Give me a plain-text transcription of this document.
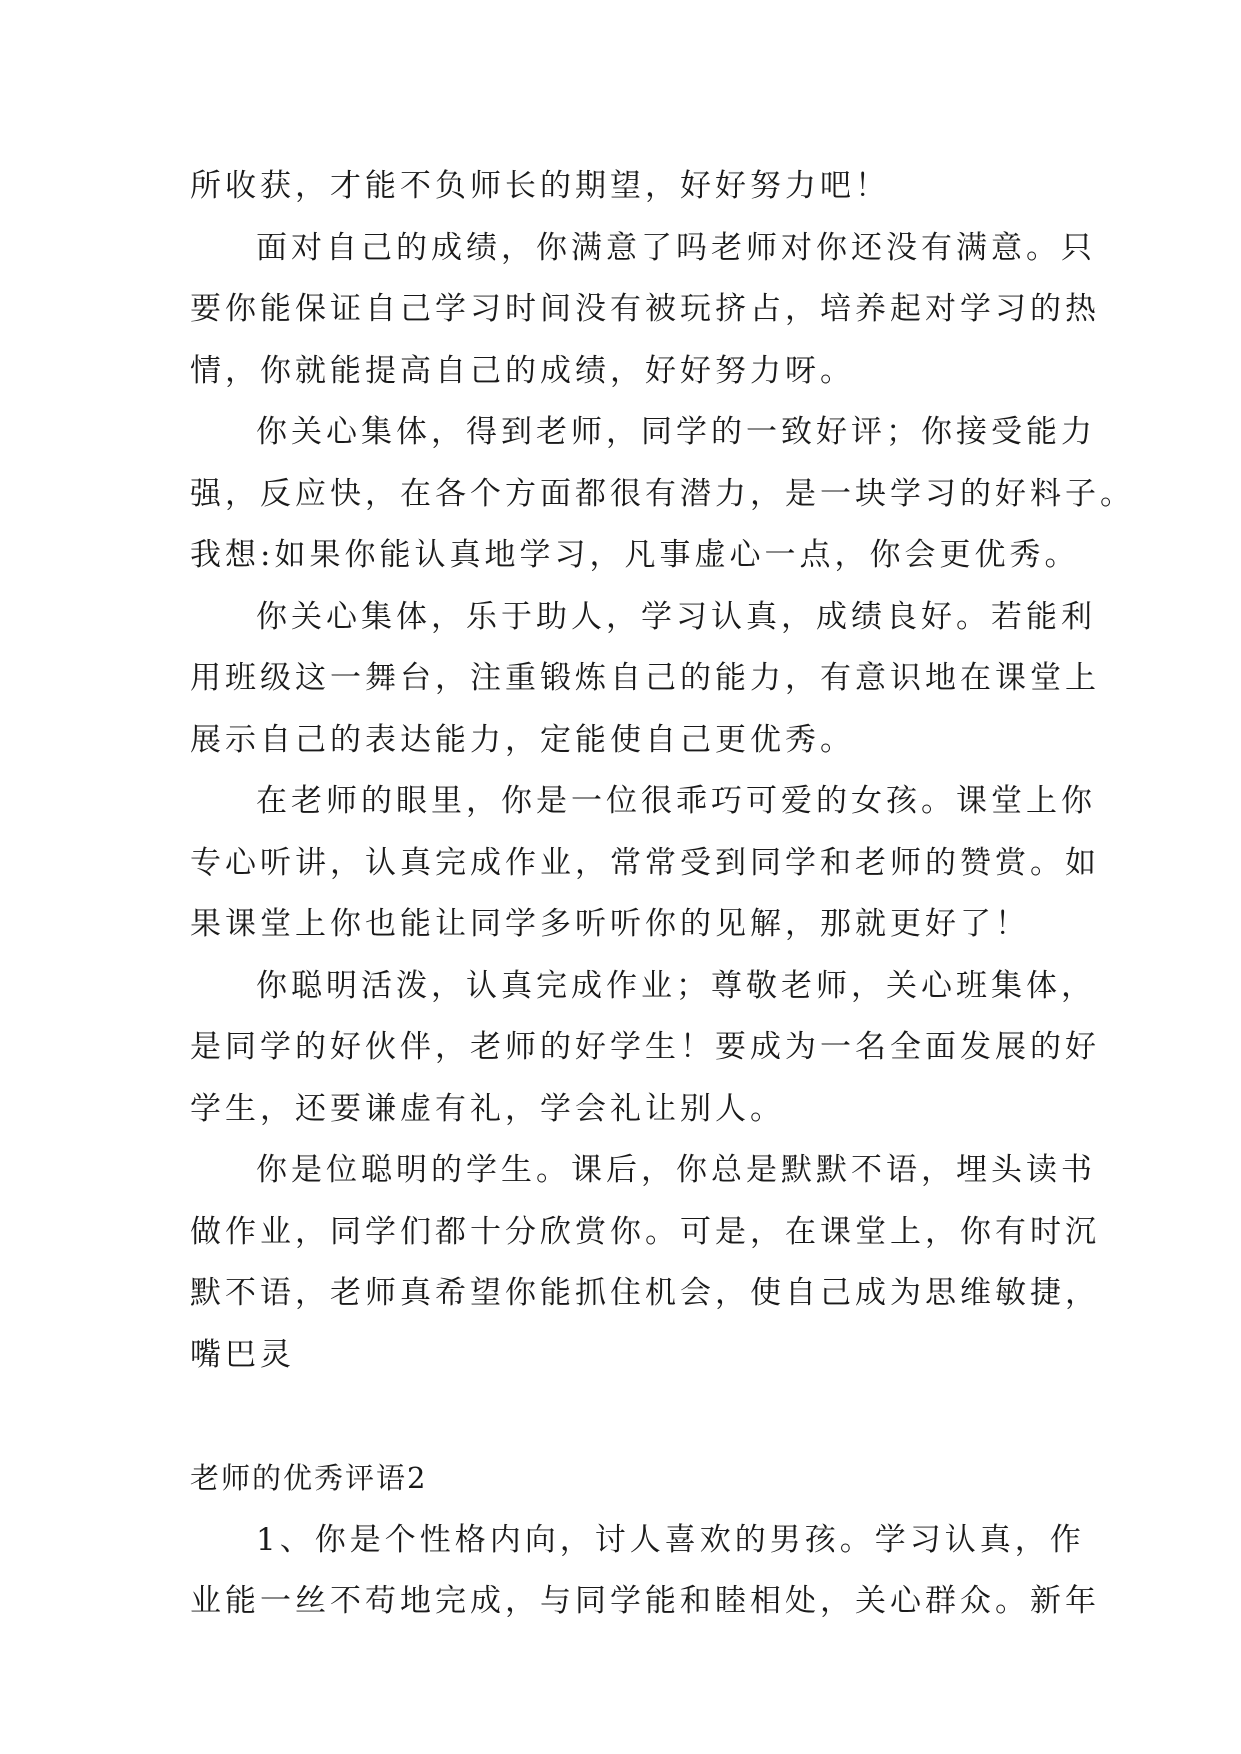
所收获，才能不负师长的期望，好好努力吧！
面对自己的成绩，你满意了吗老师对你还没有满意。只
要你能保证自己学习时间没有被玩挤占，培养起对学习的热
情，你就能提高自己的成绩，好好努力呀。
你关心集体，得到老师，同学的一致好评；你接受能力
强，反应快，在各个方面都很有潜力，是一块学习的好料子。
我想:如果你能认真地学习，凡事虚心一点，你会更优秀。
你关心集体，乐于助人，学习认真，成绩良好。若能利
用班级这一舞台，注重锻炼自己的能力，有意识地在课堂上
展示自己的表达能力，定能使自己更优秀。
在老师的眼里，你是一位很乖巧可爱的女孩。课堂上你
专心听讲，认真完成作业，常常受到同学和老师的赞赏。如
果课堂上你也能让同学多听听你的见解，那就更好了！
你聪明活泼，认真完成作业；尊敬老师，关心班集体，
是同学的好伙伴，老师的好学生！要成为一名全面发展的好
学生，还要谦虚有礼，学会礼让别人。
你是位聪明的学生。课后，你总是默默不语，埋头读书
做作业，同学们都十分欣赏你。可是，在课堂上，你有时沉
默不语，老师真希望你能抓住机会，使自己成为思维敏捷，
嘴巴灵
老师的优秀评语2
1、你是个性格内向，讨人喜欢的男孩。学习认真，作
业能一丝不苟地完成，与同学能和睦相处，关心群众。新年
